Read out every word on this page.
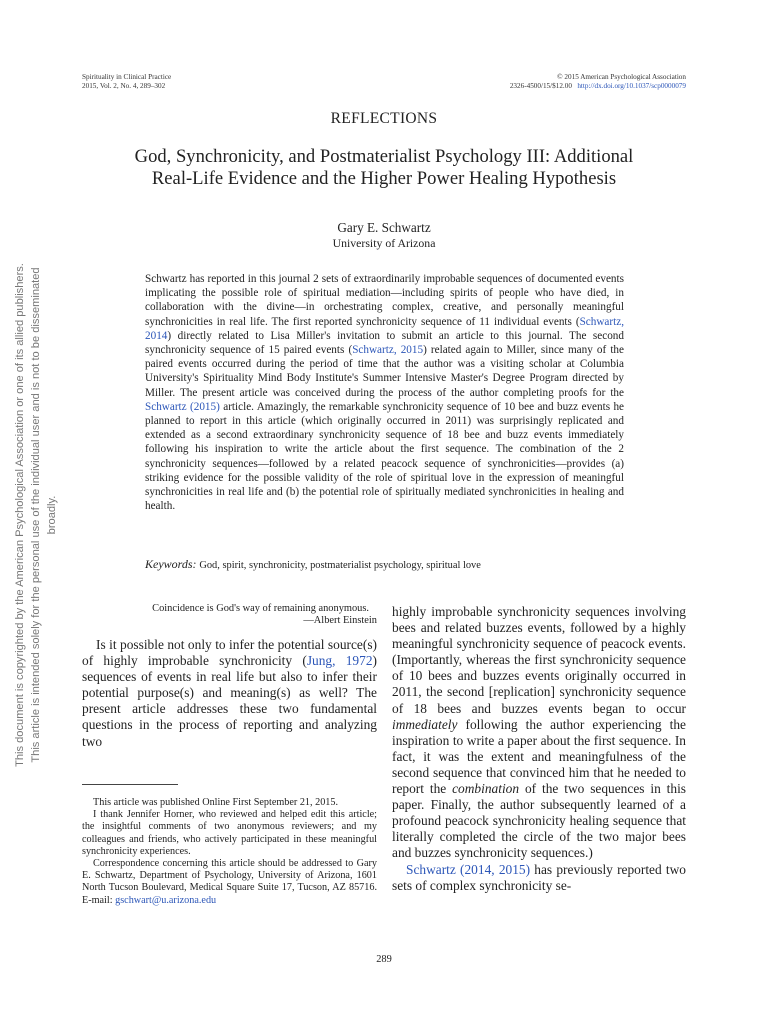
Spirituality in Clinical Practice
2015, Vol. 2, No. 4, 289–302
© 2015 American Psychological Association
2326-4500/15/$12.00 http://dx.doi.org/10.1037/scp0000079
REFLECTIONS
God, Synchronicity, and Postmaterialist Psychology III: Additional
Real-Life Evidence and the Higher Power Healing Hypothesis
Gary E. Schwartz
University of Arizona

Schwartz has reported in this journal 2 sets of extraordinarily improbable sequences of documented events implicating the possible role of spiritual mediation—including spirits of people who have died, in collaboration with the divine—in orchestrating complex, creative, and personally meaningful synchronicities in real life. The first reported synchronicity sequence of 11 individual events (Schwartz, 2014) directly related to Lisa Miller's invitation to submit an article to this journal. The second synchronicity sequence of 15 paired events (Schwartz, 2015) related again to Miller, since many of the paired events occurred during the period of time that the author was a visiting scholar at Columbia University's Spirituality Mind Body Institute's Summer Intensive Master's Degree Program directed by Miller. The present article was conceived during the process of the author completing proofs for the Schwartz (2015) article. Amazingly, the remarkable synchronicity sequence of 10 bee and buzz events he planned to report in this article (which originally occurred in 2011) was surprisingly replicated and extended as a second extraordinary synchronicity sequence of 18 bee and buzz events immediately following his inspiration to write the article about the first sequence. The combination of the 2 synchronicity sequences—followed by a related peacock sequence of synchronicities—provides (a) striking evidence for the possible validity of the role of spiritual love in the expression of meaningful synchronicities in real life and (b) the potential role of spiritually mediated synchronicities in healing and health.

Keywords: God, spirit, synchronicity, postmaterialist psychology, spiritual love
Coincidence is God's way of remaining anonymous.
—Albert Einstein

Is it possible not only to infer the potential source(s) of highly improbable synchronicity (Jung, 1972) sequences of events in real life but also to infer their potential purpose(s) and meaning(s) as well? The present article addresses these two fundamental questions in the process of reporting and analyzing two

highly improbable synchronicity sequences involving bees and related buzzes events, followed by a highly meaningful synchronicity sequence of peacock events. (Importantly, whereas the first synchronicity sequence of 10 bees and buzzes events originally occurred in 2011, the second [replication] synchronicity sequence of 18 bees and buzzes events began to occur immediately following the author experiencing the inspiration to write a paper about the first sequence. In fact, it was the extent and meaningfulness of the second sequence that convinced him that he needed to report the combination of the two sequences in this paper. Finally, the author subsequently learned of a profound peacock synchronicity healing sequence that literally completed the circle of the two major bees and buzzes synchronicity sequences.)

Schwartz (2014, 2015) has previously reported two sets of complex synchronicity se-

This article was published Online First September 21, 2015.

I thank Jennifer Horner, who reviewed and helped edit this article; the insightful comments of two anonymous reviewers; and my colleagues and friends, who actively participated in these meaningful synchronicity experiences.

Correspondence concerning this article should be addressed to Gary E. Schwartz, Department of Psychology, University of Arizona, 1601 North Tucson Boulevard, Medical Square Suite 17, Tucson, AZ 85716. E-mail: gschwart@u.arizona.edu

289
This document is copyrighted by the American Psychological Association or one of its allied publishers. This article is intended solely for the personal use of the individual user and is not to be disseminated broadly.
